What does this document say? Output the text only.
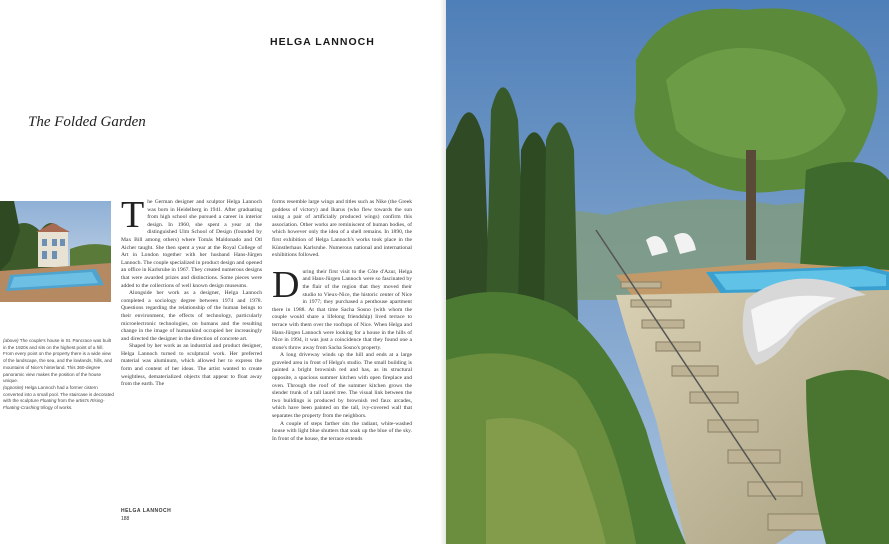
HELGA LANNOCH
The Folded Garden

(above) The couple's house in St. Pancrace was built in the 1920s and sits on the highest point of a hill. From every point on the property there is a wide view of the landscape, the sea, and the lowlands, hills, and mountains of Nice's hinterland. This 360-degree panoramic view makes the position of the house unique.

(opposite) Helga Lannoch had a former cistern converted into a small pool. The staircase is decorated with the sculpture Floating from the artist's Rising-Floating-Crashing trilogy of works.

The German designer and sculptor Helga Lannoch was born in Heidelberg in 1941. After graduating from high school she pursued a career in interior design. In 1960, she spent a year at the distinguished Ulm School of Design (founded by Max Bill among others) where Tomás Maldonado and Otl Aicher taught. She then spent a year at the Royal College of Art in London together with her husband Hans-Jürgen Lannoch. The couple specialized in product design and opened an office in Karlsruhe in 1967. They created numerous designs that were awarded prizes and distinctions. Some pieces were added to the collections of well known design museums.

Alongside her work as a designer, Helga Lannoch completed a sociology degree between 1974 and 1978. Questions regarding the relationship of the human beings to their environment, the effects of technology, particularly microelectronic technologies, on humans and the resulting change in the image of humankind occupied her increasingly and directed the designer in the direction of concrete art.

Shaped by her work as an industrial and product designer, Helga Lannoch turned to sculptural work. Her preferred material was aluminum, which allowed her to express the form and content of her ideas. The artist wanted to create weightless, dematerialized objects that appear to float away from the earth. The

forms resemble large wings and titles such as Nike (the Greek goddess of victory) and Ikarus (who flew towards the sun using a pair of artificially produced wings) confirm this association. Other works are reminiscent of human bodies, of which however only the idea of a shell remains. In 1890, the first exhibition of Helga Lannoch's works took place in the Künstlerhaus Karlsruhe. Numerous national and international exhibitions followed.

During their first visit to the Côte d'Azur, Helga and Hans-Jürgen Lannoch were so fascinated by the flair of the region that they moved their studio to Vieux-Nice, the historic center of Nice in 1977; they purchased a penthouse apartment there in 1988. At that time Sacha Sosno (with whom the couple would share a lifelong friendship) lived terrace to terrace with them over the rooftops of Nice. When Helga and Hans-Jürgen Lannoch were looking for a house in the hills of Nice in 1994, it was just a coincidence that they found one a stone's throw away from Sacha Sosno's property.

A long driveway winds up the hill and ends at a large graveled area in front of Helga's studio. The small building is painted a bright brownish red and has, as its structural opposite, a spacious summer kitchen with open fireplace and oven. Through the roof of the summer kitchen grows the slender trunk of a tall laurel tree. The visual link between the two buildings is produced by brownish red faux arcades, which have been painted on the tall, ivy-covered wall that separates the property from the neighbors.

A couple of steps farther sits the radiant, white-washed house with light blue shutters that soak up the blue of the sky. In front of the house, the terrace extends

HELGA LANNOCH
188
